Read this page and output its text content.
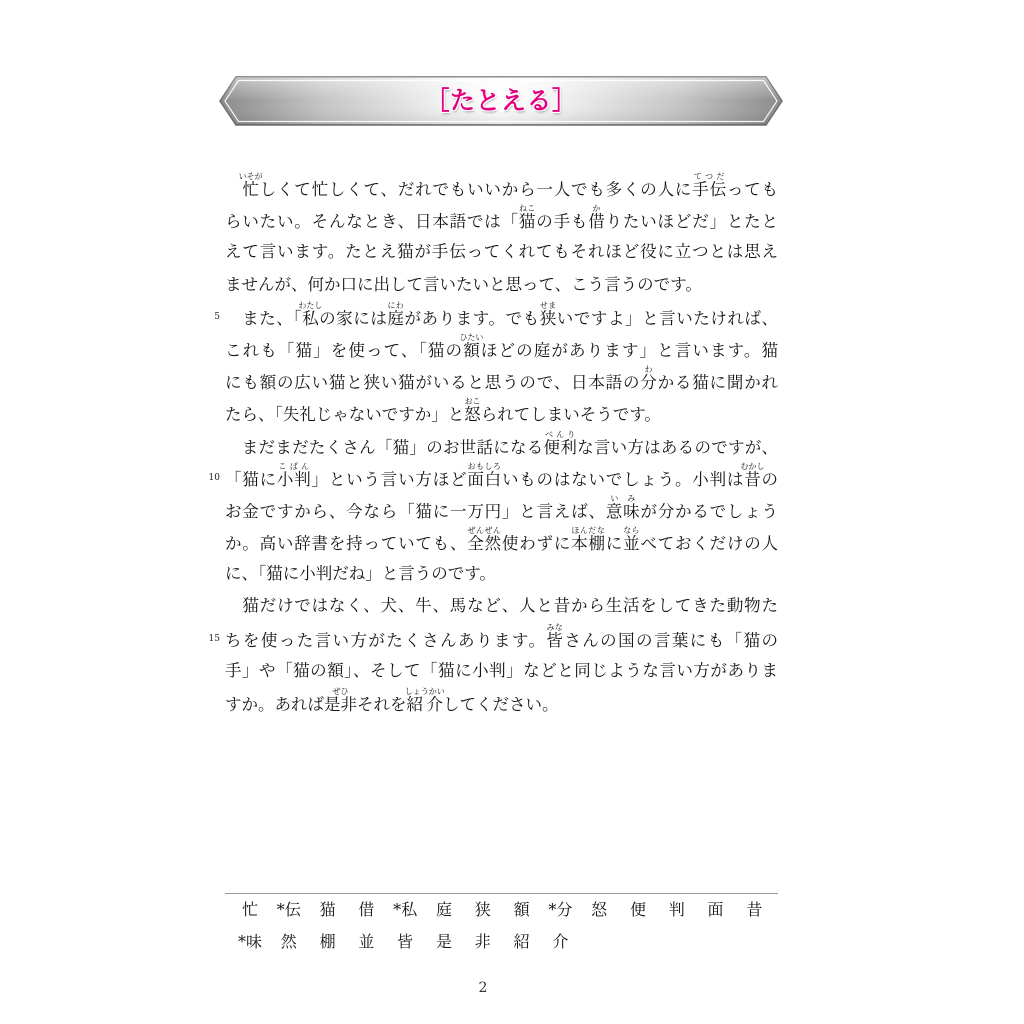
［たとえる］
　忙いそがしくて忙しくて、だれでもいいから一人でも多くの人に手伝てつだっても
らいたい。そんなとき、日本語では「猫ねこの手も借かりたいほどだ」とたと
えて言います。たとえ猫が手伝ってくれてもそれほど役に立つとは思え
ませんが、何か口に出して言いたいと思って、こう言うのです。
5 　また、「私わたしの家には庭にわがあります。でも狭せまいですよ」と言いたければ、
これも「猫」を使って、「猫の額ひたいほどの庭があります」と言います。猫
にも額の広い猫と狭い猫がいると思うので、日本語の分わかる猫に聞かれ
たら、「失礼じゃないですか」と怒おこられてしまいそうです。
　まだまだたくさん「猫」のお世話になる便利べんりな言い方はあるのですが、
10 「猫に小判こばん」という言い方ほど面白おもしろいものはないでしょう。小判は昔むかしの
お金ですから、今なら「猫に一万円」と言えば、意味いみが分かるでしょう
か。高い辞書を持っていても、全然ぜんぜん使わずに本棚ほんだなに並ならべておくだけの人
に、「猫に小判だね」と言うのです。
　猫だけではなく、犬、牛、馬など、人と昔から生活をしてきた動物た
15 ちを使った言い方がたくさんあります。皆みなさんの国の言葉にも「猫の
手」や「猫の額」、そして「猫に小判」などと同じような言い方がありま
すか。あれば是非ぜひそれを紹介しょうかいしてください。
忙 *伝 猫 借 *私 庭 狭 額 *分 怒 便 判 面 昔
*味 然 棚 並 皆 是 非 紹 介
2
